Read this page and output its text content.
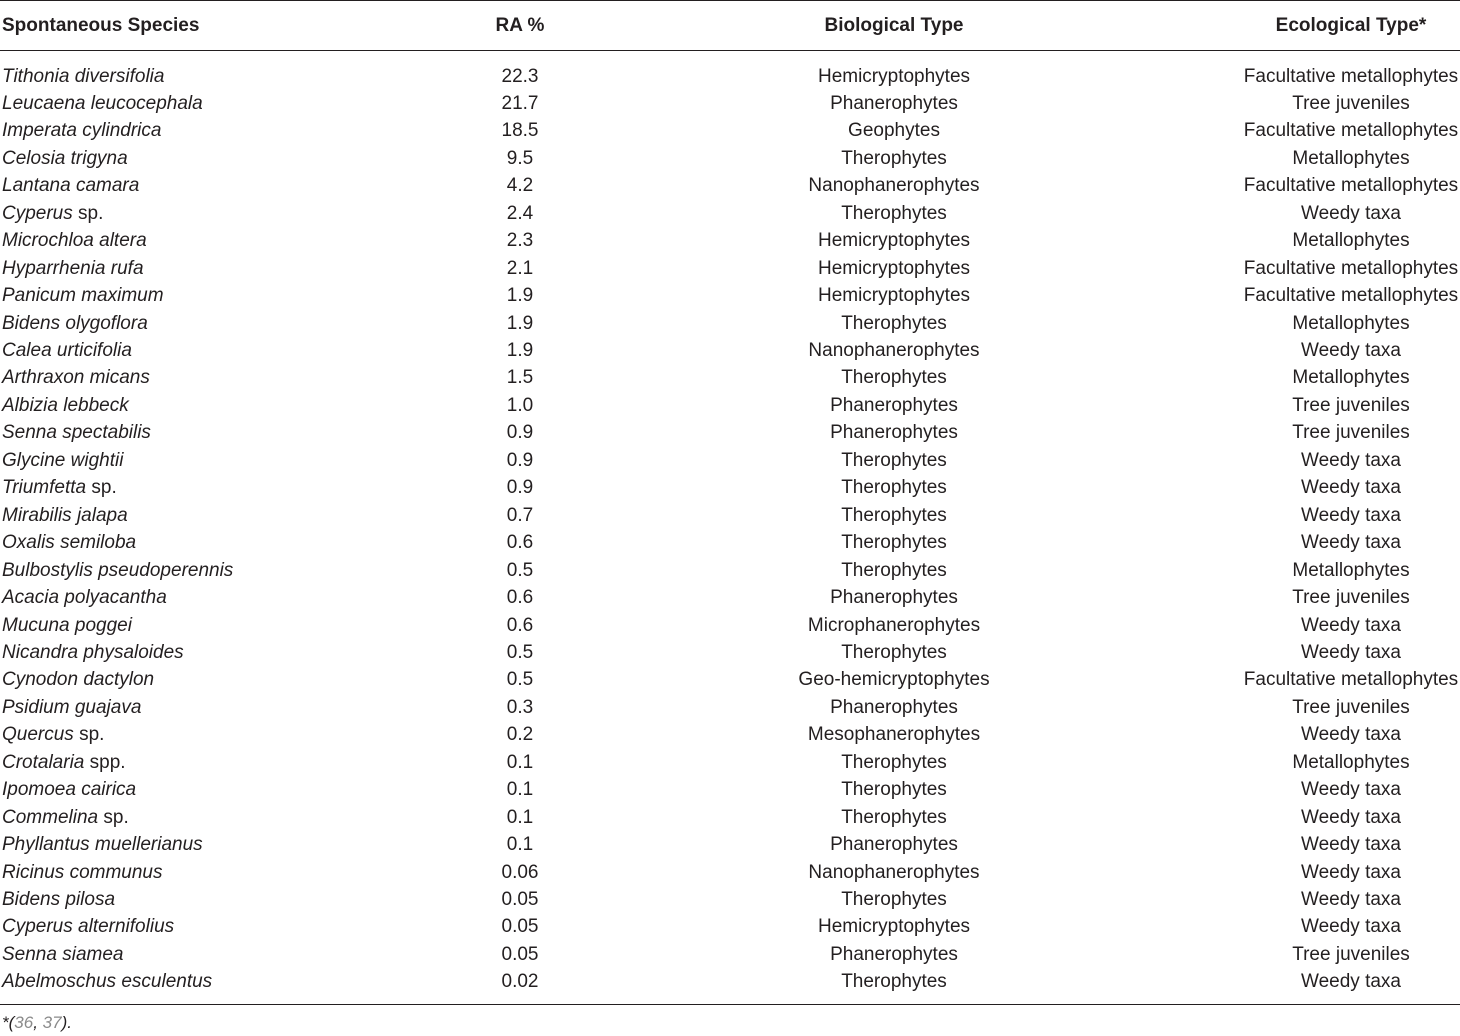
Spontaneous Species	RA %	Biological Type	Ecological Type*
Tithonia diversifolia	22.3	Hemicryptophytes	Facultative metallophytes
Leucaena leucocephala	21.7	Phanerophytes	Tree juveniles
Imperata cylindrica	18.5	Geophytes	Facultative metallophytes
Celosia trigyna	9.5	Therophytes	Metallophytes
Lantana camara	4.2	Nanophanerophytes	Facultative metallophytes
Cyperus sp.	2.4	Therophytes	Weedy taxa
Microchloa altera	2.3	Hemicryptophytes	Metallophytes
Hyparrhenia rufa	2.1	Hemicryptophytes	Facultative metallophytes
Panicum maximum	1.9	Hemicryptophytes	Facultative metallophytes
Bidens olygoflora	1.9	Therophytes	Metallophytes
Calea urticifolia	1.9	Nanophanerophytes	Weedy taxa
Arthraxon micans	1.5	Therophytes	Metallophytes
Albizia lebbeck	1.0	Phanerophytes	Tree juveniles
Senna spectabilis	0.9	Phanerophytes	Tree juveniles
Glycine wightii	0.9	Therophytes	Weedy taxa
Triumfetta sp.	0.9	Therophytes	Weedy taxa
Mirabilis jalapa	0.7	Therophytes	Weedy taxa
Oxalis semiloba	0.6	Therophytes	Weedy taxa
Bulbostylis pseudoperennis	0.5	Therophytes	Metallophytes
Acacia polyacantha	0.6	Phanerophytes	Tree juveniles
Mucuna poggei	0.6	Microphanerophytes	Weedy taxa
Nicandra physaloides	0.5	Therophytes	Weedy taxa
Cynodon dactylon	0.5	Geo-hemicryptophytes	Facultative metallophytes
Psidium guajava	0.3	Phanerophytes	Tree juveniles
Quercus sp.	0.2	Mesophanerophytes	Weedy taxa
Crotalaria spp.	0.1	Therophytes	Metallophytes
Ipomoea cairica	0.1	Therophytes	Weedy taxa
Commelina sp.	0.1	Therophytes	Weedy taxa
Phyllantus muellerianus	0.1	Phanerophytes	Weedy taxa
Ricinus communus	0.06	Nanophanerophytes	Weedy taxa
Bidens pilosa	0.05	Therophytes	Weedy taxa
Cyperus alternifolius	0.05	Hemicryptophytes	Weedy taxa
Senna siamea	0.05	Phanerophytes	Tree juveniles
Abelmoschus esculentus	0.02	Therophytes	Weedy taxa
*(36, 37).
